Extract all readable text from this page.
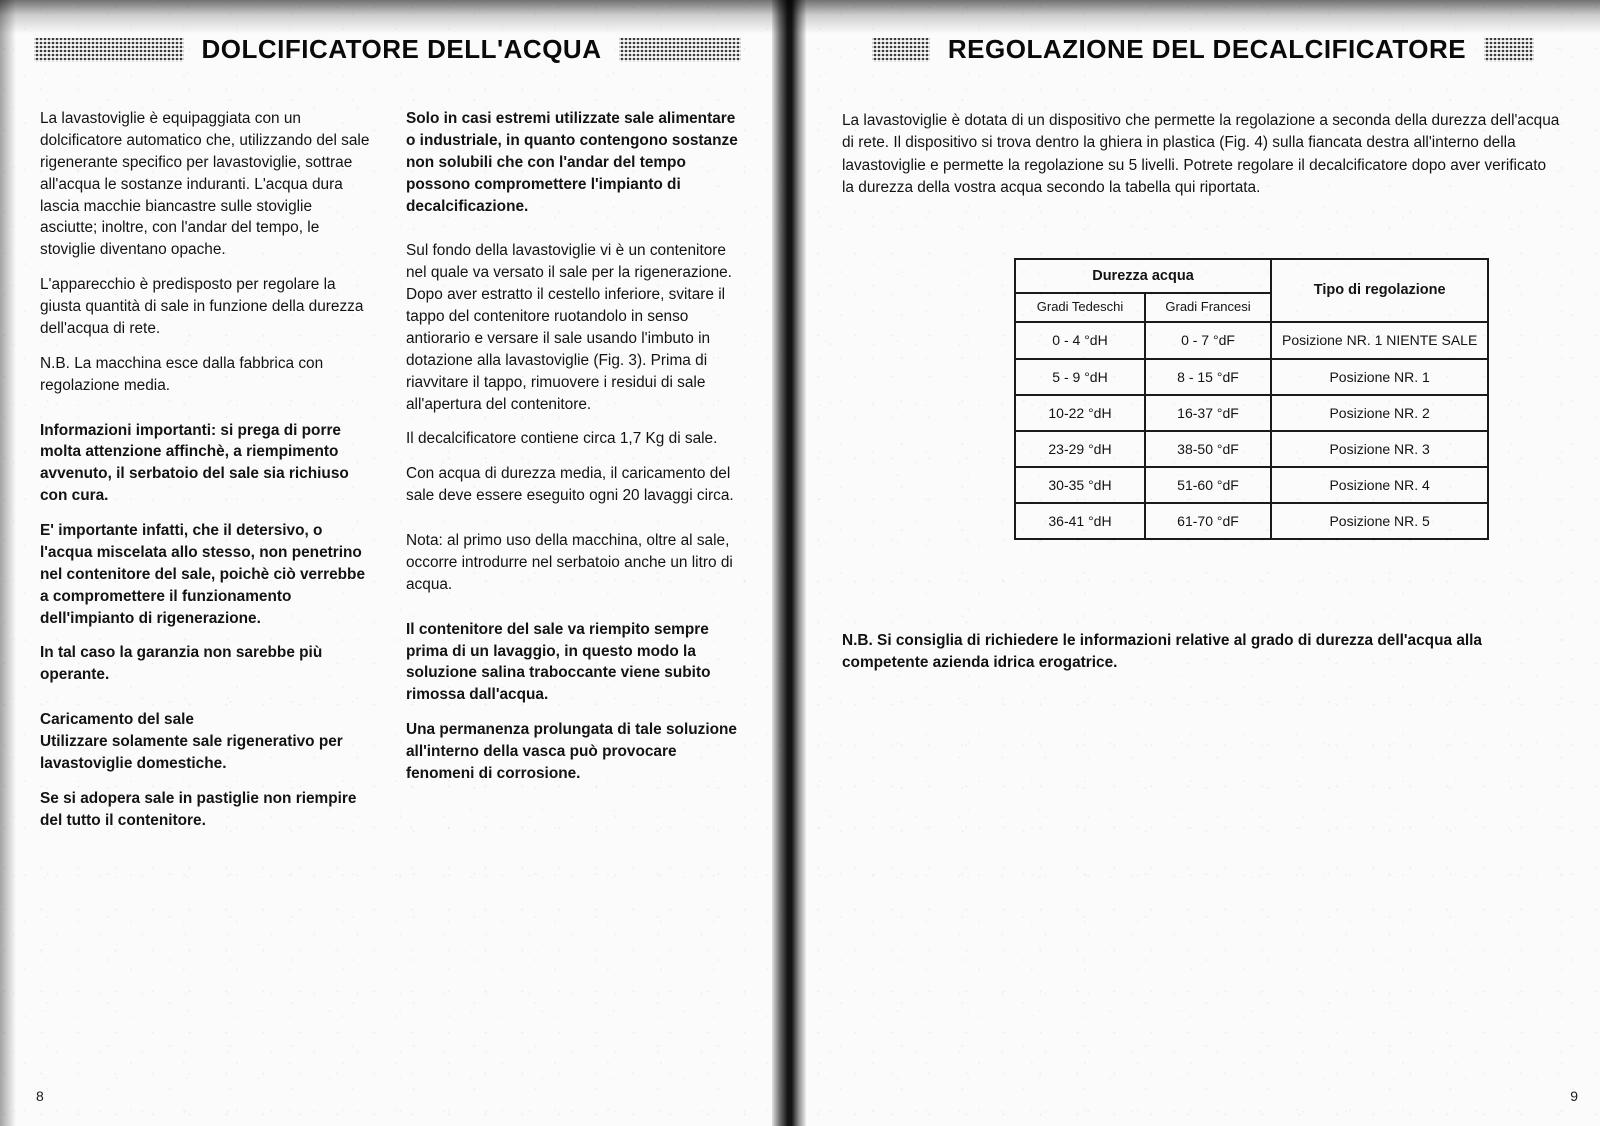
DOLCIFICATORE DELL'ACQUA

La lavastoviglie è equipaggiata con un dolcificatore automatico che, utilizzando del sale rigenerante specifico per lavastoviglie, sottrae all'acqua le sostanze induranti. L'acqua dura lascia macchie biancastre sulle stoviglie asciutte; inoltre, con l'andar del tempo, le stoviglie diventano opache.

L'apparecchio è predisposto per regolare la giusta quantità di sale in funzione della durezza dell'acqua di rete.

N.B. La macchina esce dalla fabbrica con regolazione media.

Informazioni importanti: si prega di porre molta attenzione affinchè, a riempimento avvenuto, il serbatoio del sale sia richiuso con cura.

E' importante infatti, che il detersivo, o l'acqua miscelata allo stesso, non penetrino nel contenitore del sale, poichè ciò verrebbe a compromettere il funzionamento dell'impianto di rigenerazione.

In tal caso la garanzia non sarebbe più operante.

Caricamento del sale

Utilizzare solamente sale rigenerativo per lavastoviglie domestiche.

Se si adopera sale in pastiglie non riempire del tutto il contenitore.

Solo in casi estremi utilizzate sale alimentare o industriale, in quanto contengono sostanze non solubili che con l'andar del tempo possono compromettere l'impianto di decalcificazione.

Sul fondo della lavastoviglie vi è un contenitore nel quale va versato il sale per la rigenerazione. Dopo aver estratto il cestello inferiore, svitare il tappo del contenitore ruotandolo in senso antiorario e versare il sale usando l'imbuto in dotazione alla lavastoviglie (Fig. 3). Prima di riavvitare il tappo, rimuovere i residui di sale all'apertura del contenitore.

Il decalcificatore contiene circa 1,7 Kg di sale.

Con acqua di durezza media, il caricamento del sale deve essere eseguito ogni 20 lavaggi circa.

Nota: al primo uso della macchina, oltre al sale, occorre introdurre nel serbatoio anche un litro di acqua.

Il contenitore del sale va riempito sempre prima di un lavaggio, in questo modo la soluzione salina traboccante viene subito rimossa dall'acqua.

Una permanenza prolungata di tale soluzione all'interno della vasca può provocare fenomeni di corrosione.

8
REGOLAZIONE DEL DECALCIFICATORE

La lavastoviglie è dotata di un dispositivo che permette la regolazione a seconda della durezza dell'acqua di rete. Il dispositivo si trova dentro la ghiera in plastica (Fig. 4) sulla fiancata destra all'interno della lavastoviglie e permette la regolazione su 5 livelli. Potrete regolare il decalcificatore dopo aver verificato la durezza della vostra acqua secondo la tabella qui riportata.

Durezza acqua		Tipo di regolazione
Gradi Tedeschi	Gradi Francesi	
0 - 4 °dH	0 - 7 °dF	Posizione NR. 1 NIENTE SALE
5 - 9 °dH	8 - 15 °dF	Posizione NR. 1
10-22 °dH	16-37 °dF	Posizione NR. 2
23-29 °dH	38-50 °dF	Posizione NR. 3
30-35 °dH	51-60 °dF	Posizione NR. 4
36-41 °dH	61-70 °dF	Posizione NR. 5
N.B. Si consiglia di richiedere le informazioni relative al grado di durezza dell'acqua alla competente azienda idrica erogatrice.
9
